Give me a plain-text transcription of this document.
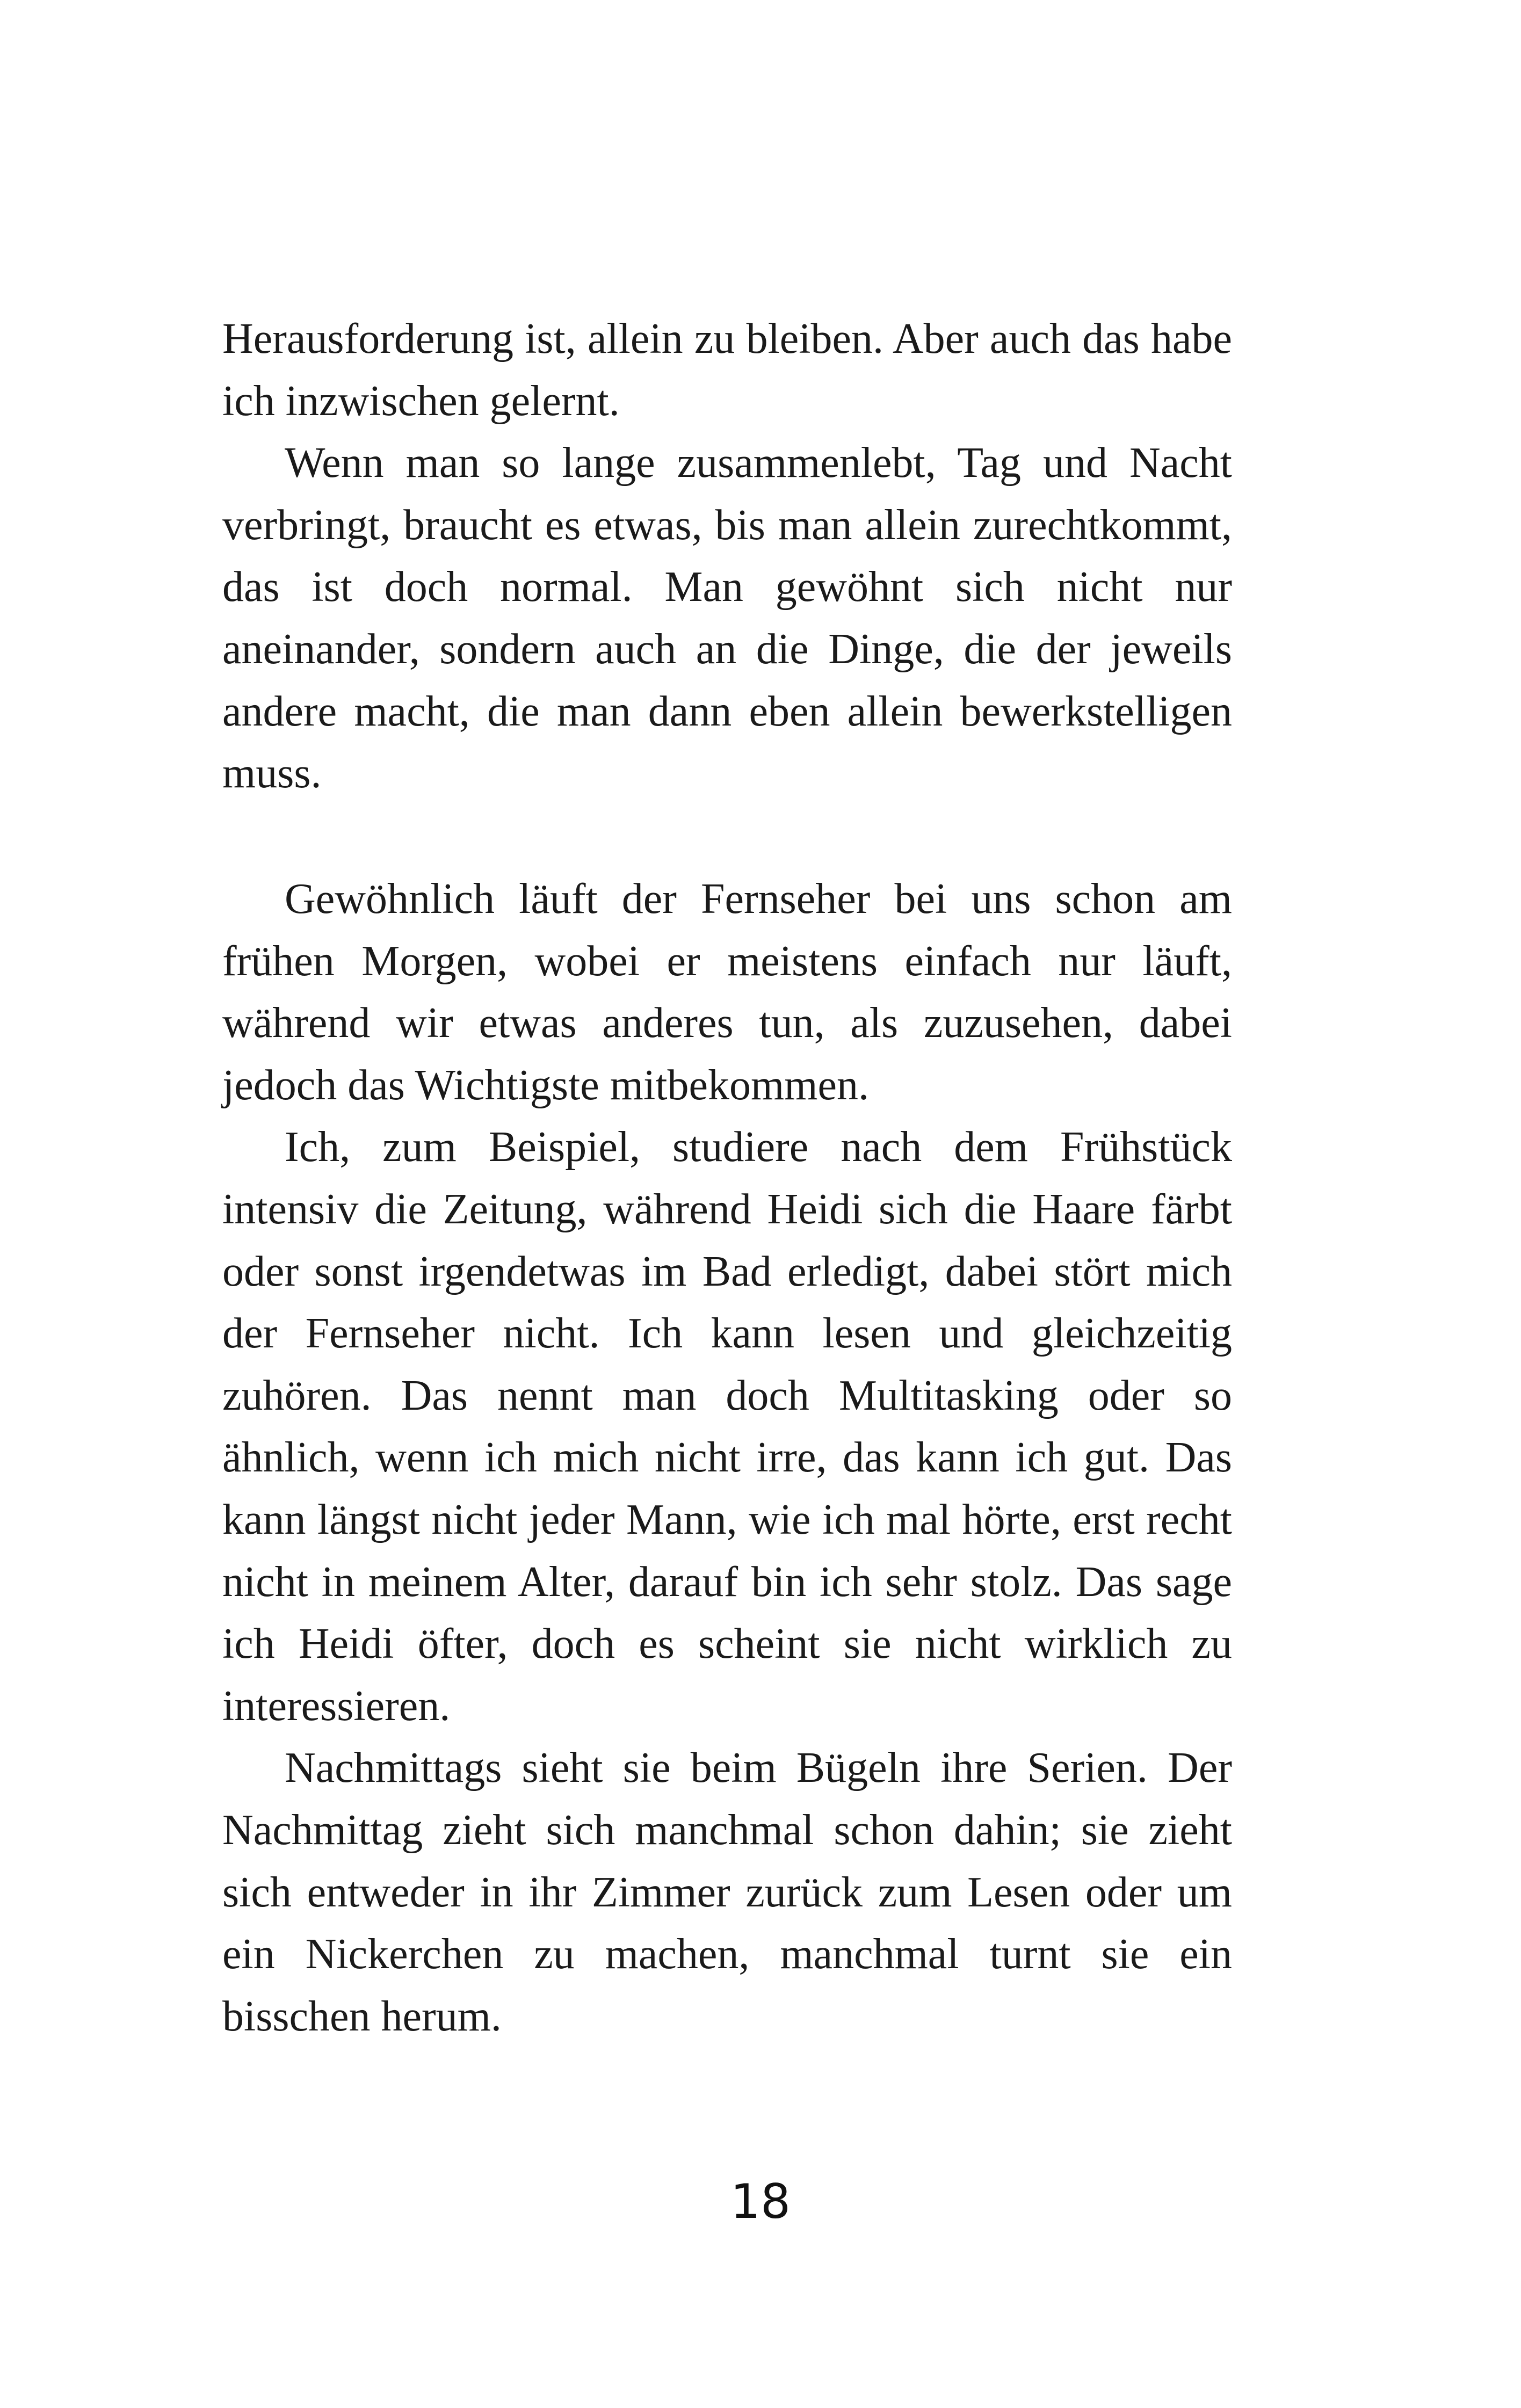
Herausforderung ist, allein zu bleiben. Aber auch das habe ich inzwischen gelernt.

Wenn man so lange zusammenlebt, Tag und Nacht verbringt, braucht es etwas, bis man allein zurechtkommt, das ist doch normal. Man gewöhnt sich nicht nur aneinander, sondern auch an die Dinge, die der jeweils andere macht, die man dann eben allein bewerkstelligen muss.

Gewöhnlich läuft der Fernseher bei uns schon am frühen Morgen, wobei er meistens einfach nur läuft, während wir etwas anderes tun, als zuzusehen, dabei jedoch das Wichtigste mitbekommen.

Ich, zum Beispiel, studiere nach dem Frühstück intensiv die Zeitung, während Heidi sich die Haare färbt oder sonst irgendetwas im Bad erledigt, dabei stört mich der Fernseher nicht. Ich kann lesen und gleichzeitig zuhören. Das nennt man doch Multitasking oder so ähnlich, wenn ich mich nicht irre, das kann ich gut. Das kann längst nicht jeder Mann, wie ich mal hörte, erst recht nicht in meinem Alter, darauf bin ich sehr stolz. Das sage ich Heidi öfter, doch es scheint sie nicht wirklich zu interessieren.

Nachmittags sieht sie beim Bügeln ihre Serien. Der Nachmittag zieht sich manchmal schon dahin; sie zieht sich entweder in ihr Zimmer zurück zum Lesen oder um ein Nickerchen zu machen, manchmal turnt sie ein bisschen herum.

18
